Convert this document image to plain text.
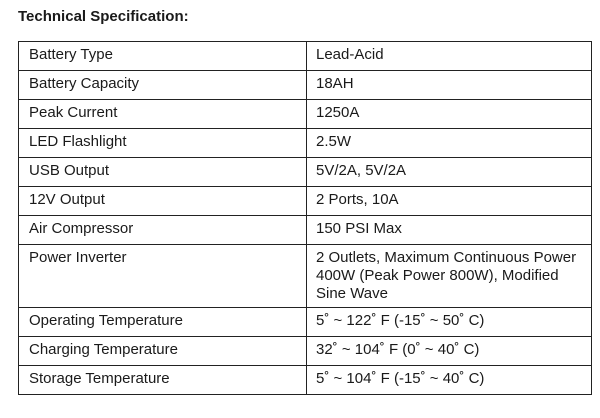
Technical Specification:
Battery Type	Lead-Acid
Battery Capacity	18AH
Peak Current	1250A
LED Flashlight	2.5W
USB Output	5V/2A, 5V/2A
12V Output	2 Ports, 10A
Air Compressor	150 PSI Max
Power Inverter	2 Outlets, Maximum Continuous Power 400W (Peak Power 800W), Modified Sine Wave
Operating Temperature	5˚ ~ 122˚ F (-15˚ ~ 50˚ C)
Charging Temperature	32˚ ~ 104˚ F (0˚ ~ 40˚ C)
Storage Temperature	5˚ ~ 104˚ F (-15˚ ~ 40˚ C)
